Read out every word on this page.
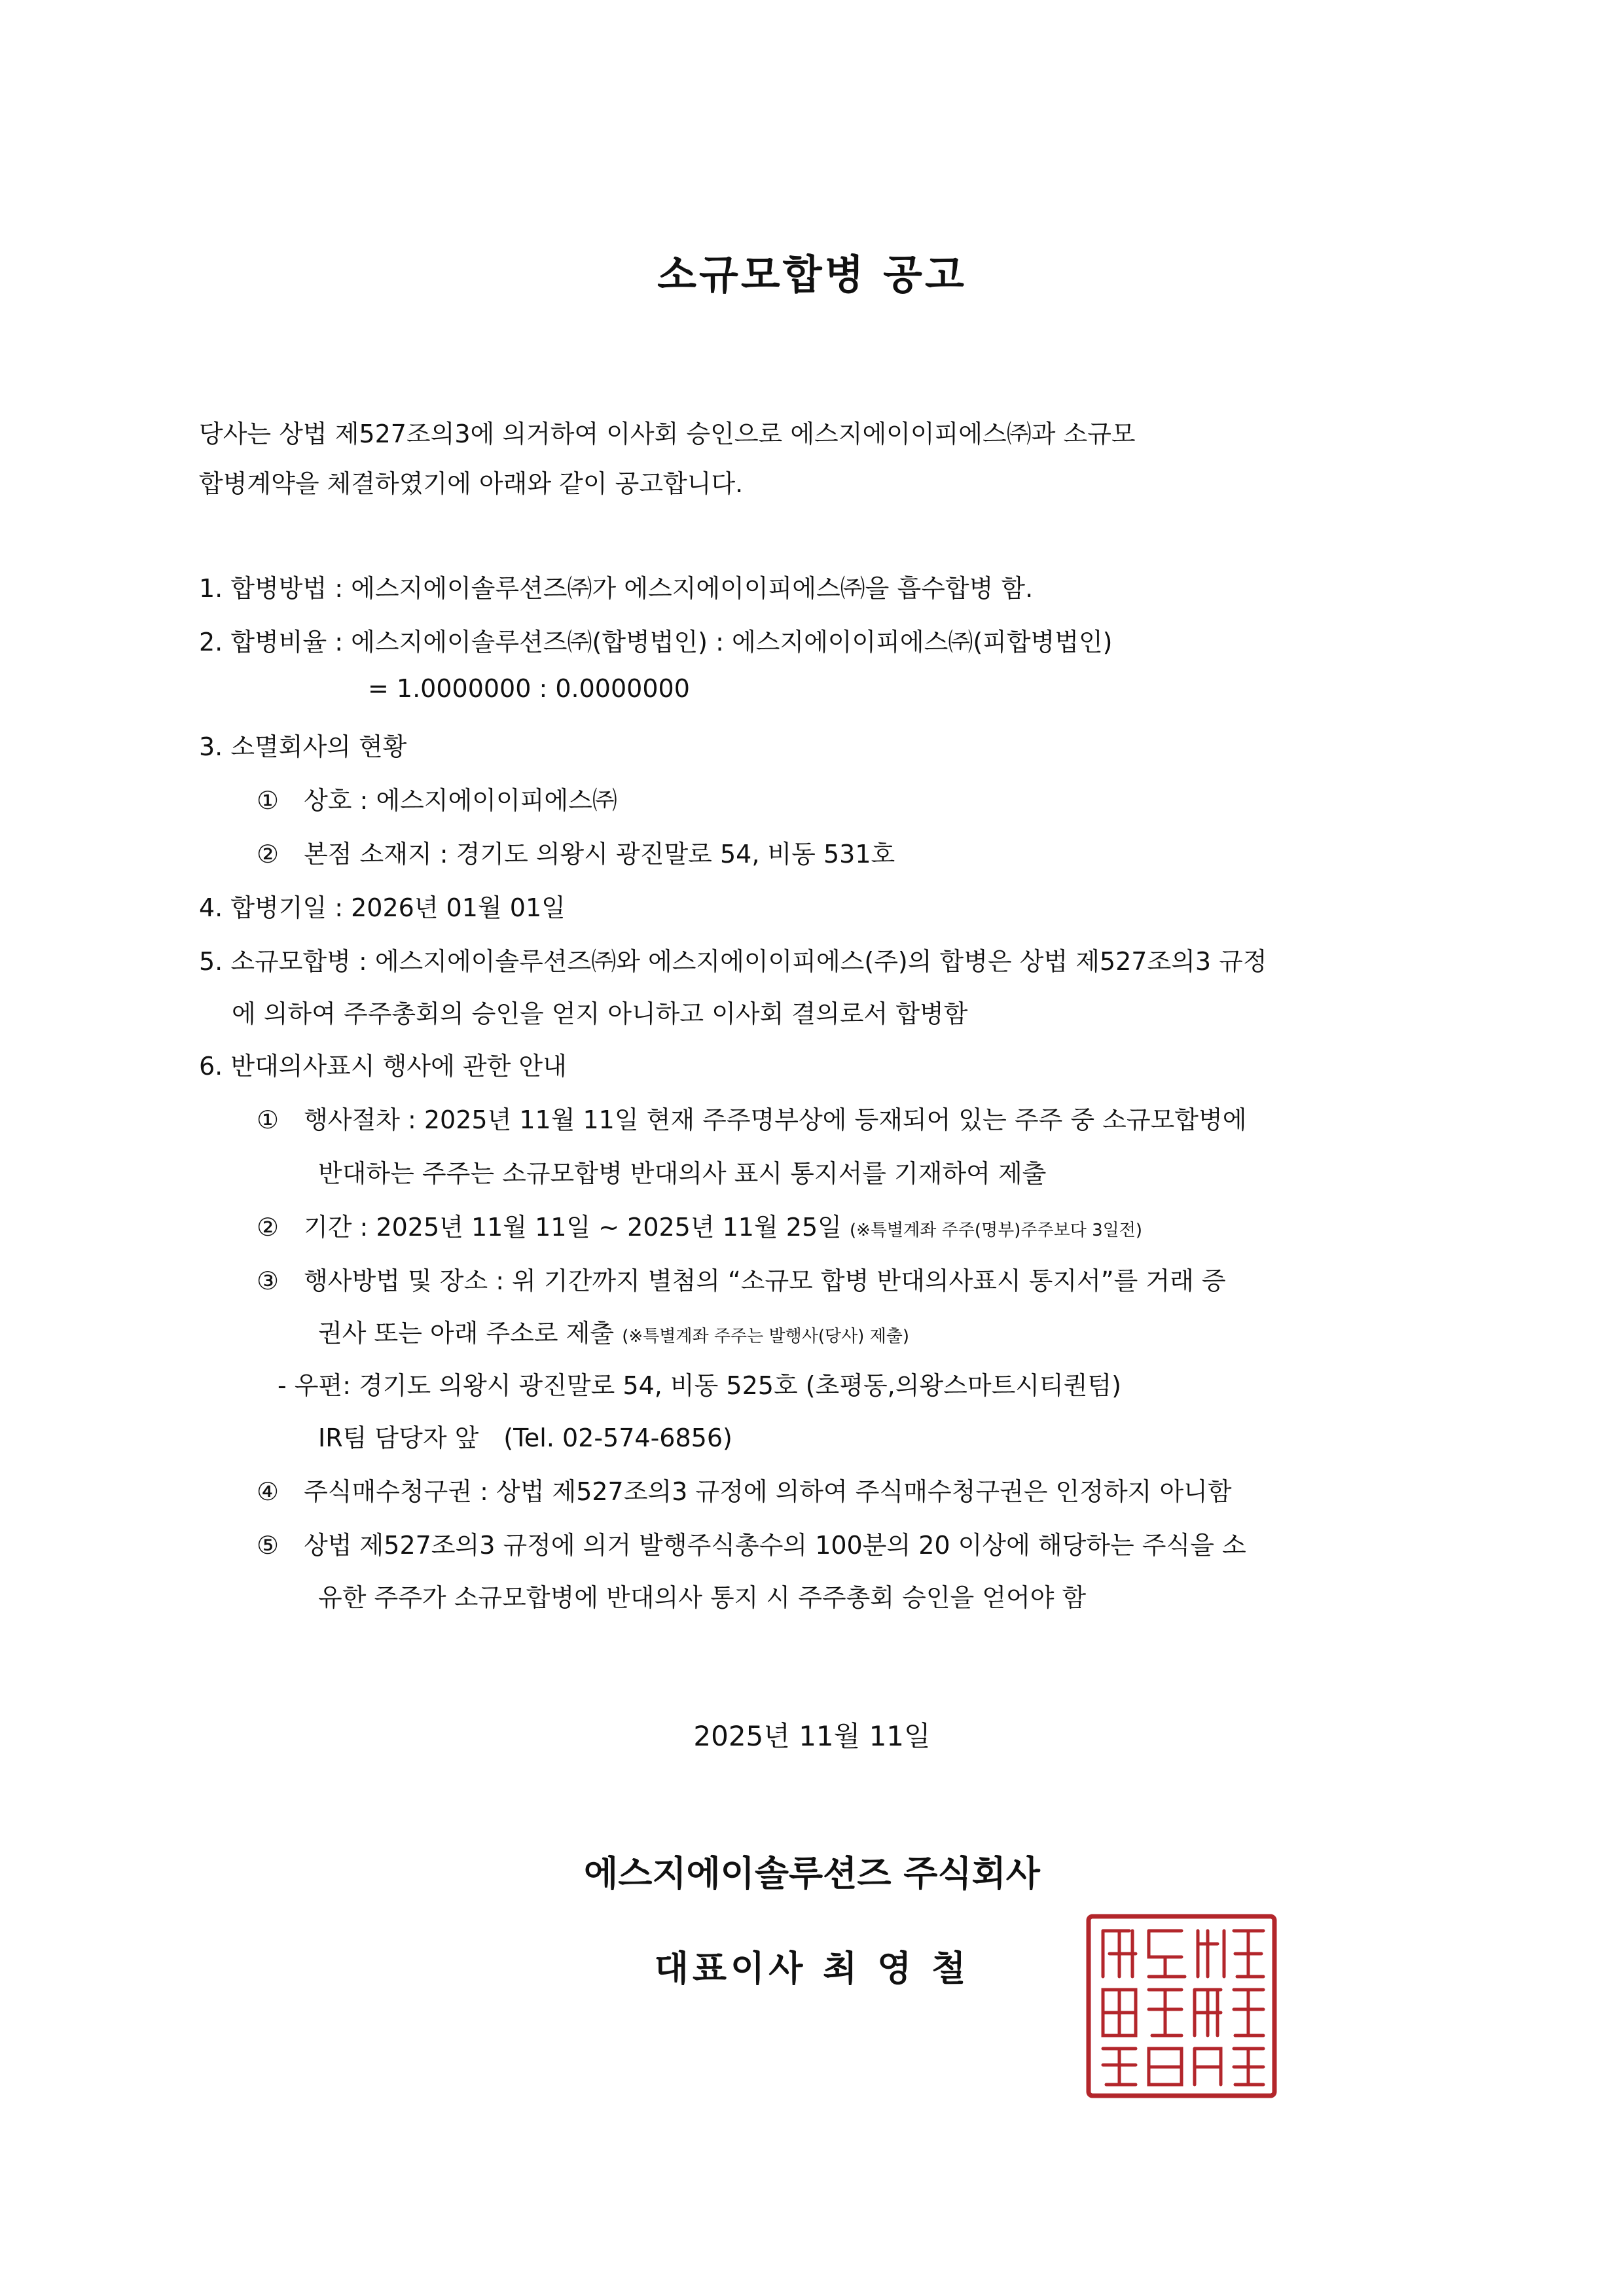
소규모합병 공고
당사는 상법 제527조의3에 의거하여 이사회 승인으로 에스지에이이피에스㈜과 소규모
합병계약을 체결하였기에 아래와 같이 공고합니다.
1. 합병방법 : 에스지에이솔루션즈㈜가 에스지에이이피에스㈜을 흡수합병 함.
2. 합병비율 : 에스지에이솔루션즈㈜(합병법인) : 에스지에이이피에스㈜(피합병법인)
= 1.0000000 : 0.0000000
3. 소멸회사의 현황
①　상호 : 에스지에이이피에스㈜
②　본점 소재지 : 경기도 의왕시 광진말로 54, 비동 531호
4. 합병기일 : 2026년 01월 01일
5. 소규모합병 : 에스지에이솔루션즈㈜와 에스지에이이피에스(주)의 합병은 상법 제527조의3 규정
에 의하여 주주총회의 승인을 얻지 아니하고 이사회 결의로서 합병함
6. 반대의사표시 행사에 관한 안내
①　행사절차 : 2025년 11월 11일 현재 주주명부상에 등재되어 있는 주주 중 소규모합병에
반대하는 주주는 소규모합병 반대의사 표시 통지서를 기재하여 제출
②　기간 : 2025년 11월 11일 ~ 2025년 11월 25일 (※특별계좌 주주(명부)주주보다 3일전)
③　행사방법 및 장소 : 위 기간까지 별첨의 “소규모 합병 반대의사표시 통지서”를 거래 증
권사 또는 아래 주소로 제출 (※특별계좌 주주는 발행사(당사) 제출)
- 우편: 경기도 의왕시 광진말로 54, 비동 525호 (초평동,의왕스마트시티퀀텀)
IR팀 담당자 앞　(Tel. 02-574-6856)
④　주식매수청구권 : 상법 제527조의3 규정에 의하여 주식매수청구권은 인정하지 아니함
⑤　상법 제527조의3 규정에 의거 발행주식총수의 100분의 20 이상에 해당하는 주식을 소
유한 주주가 소규모합병에 반대의사 통지 시 주주총회 승인을 얻어야 함
2025년 11월 11일
에스지에이솔루션즈 주식회사
대표이사 최 영 철
